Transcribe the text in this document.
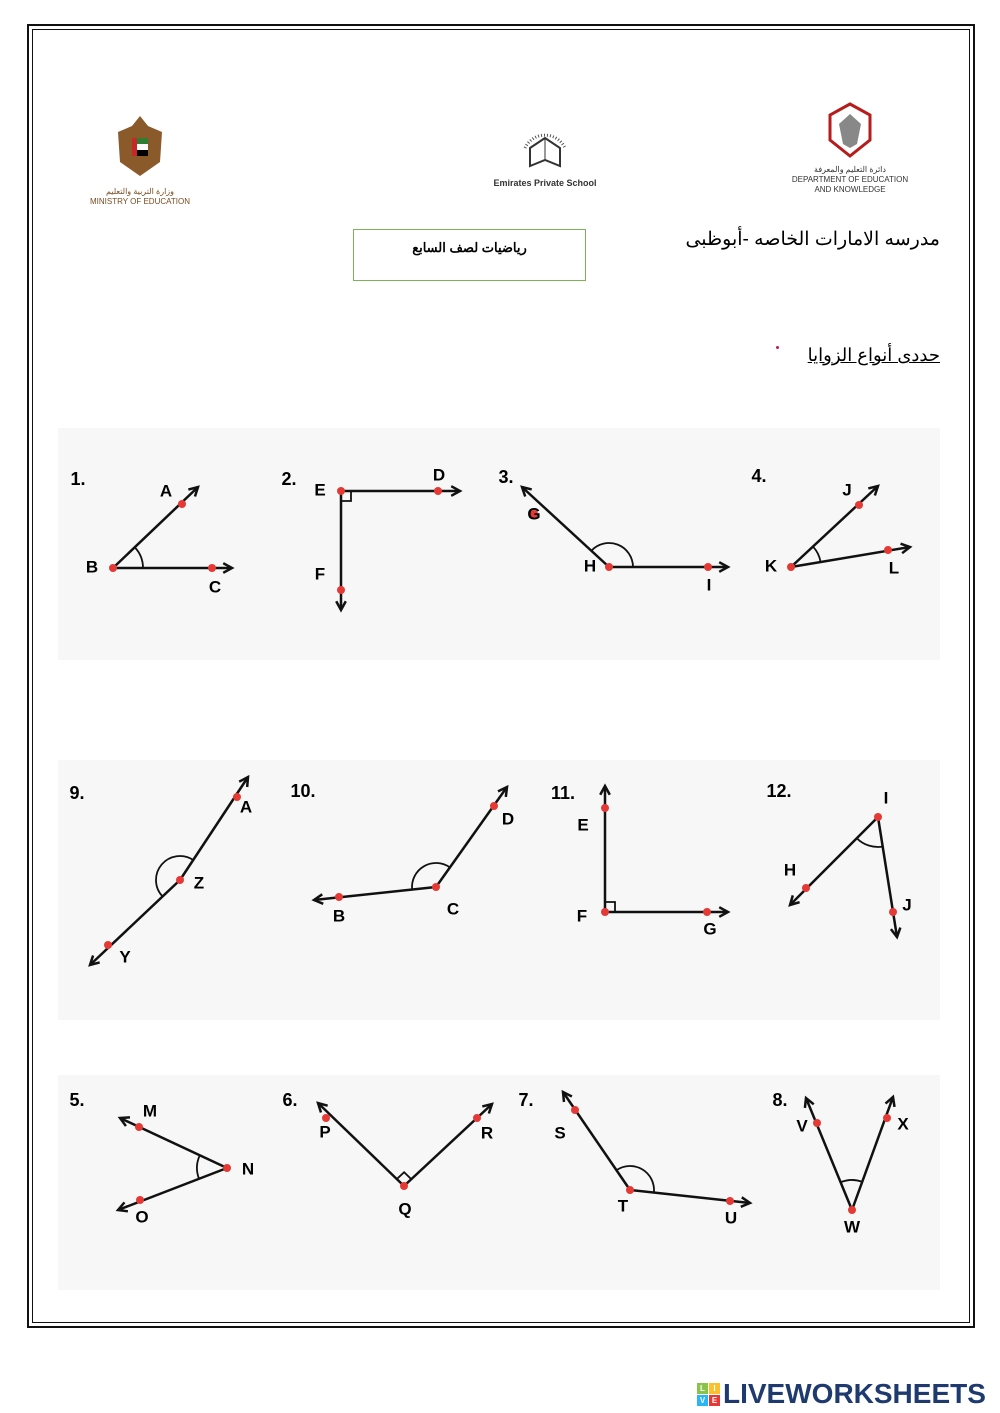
وزارة التربية والتعليم
MINISTRY OF EDUCATION
Emirates Private School
دائرة التعليم والمعرفة
DEPARTMENT OF EDUCATION
AND KNOWLEDGE
رياضيات لصف السابع	مدرسه الامارات الخاصه -أبوظبى
حددى أنواع الزوايا
1.
A
B
C
2.	D
E
F
3.
G
H
I
4.
J
K	L
9.
A
Z
Y
10.
D
C
B
11.
E
F
G
12.
H
I
J
5.
M
N
O
6.
P
Q
R
7.
S
T
U
8.
V
W
X
L	I
V E LIVEWORKSHEETS
